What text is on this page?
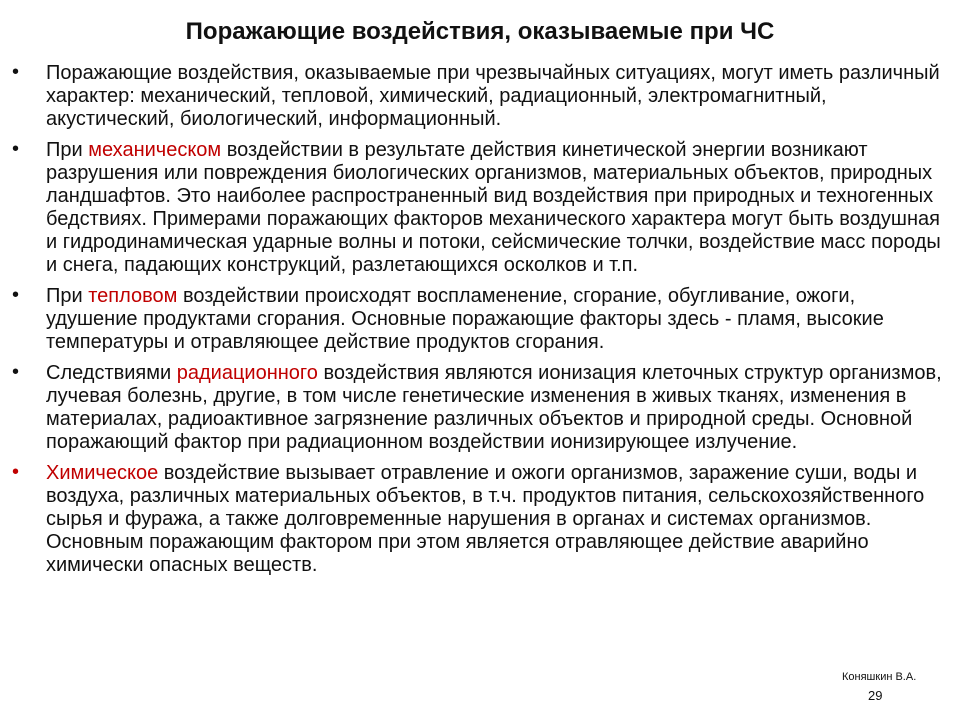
Поражающие воздействия, оказываемые при ЧС
• Поражающие воздействия, оказываемые при чрезвычайных ситуациях, могут иметь различный характер: механический, тепловой, химический, радиационный, электромагнитный, акустический, биологический, информационный.
• При механическом воздействии в результате действия кинетической энергии возникают разрушения или повреждения биологических организмов, материальных объектов, природных ландшафтов. Это наиболее распространенный вид воздействия при природных и техногенных бедствиях. Примерами поражающих факторов механического характера могут быть воздушная и гидродинамическая ударные волны и потоки, сейсмические толчки, воздействие масс породы и снега, падающих конструкций, разлетающихся осколков и т.п.
• При тепловом воздействии происходят воспламенение, сгорание, обугливание, ожоги, удушение продуктами сгорания. Основные поражающие факторы здесь - пламя, высокие температуры и отравляющее действие продуктов сгорания.
• Следствиями радиационного воздействия являются ионизация клеточных структур организмов, лучевая болезнь, другие, в том числе генетические изменения в живых тканях, изменения в материалах, радиоактивное загрязнение различных объектов и природной среды. Основной поражающий фактор при радиационном воздействии ионизирующее излучение.
• Химическое воздействие вызывает отравление и ожоги организмов, заражение суши, воды и воздуха, различных материальных объектов, в т.ч. продуктов питания, сельскохозяйственного сырья и фуража, а также долговременные нарушения в органах и системах организмов. Основным поражающим фактором при этом является отравляющее действие аварийно химически опасных веществ.
Коняшкин В.А.
29
